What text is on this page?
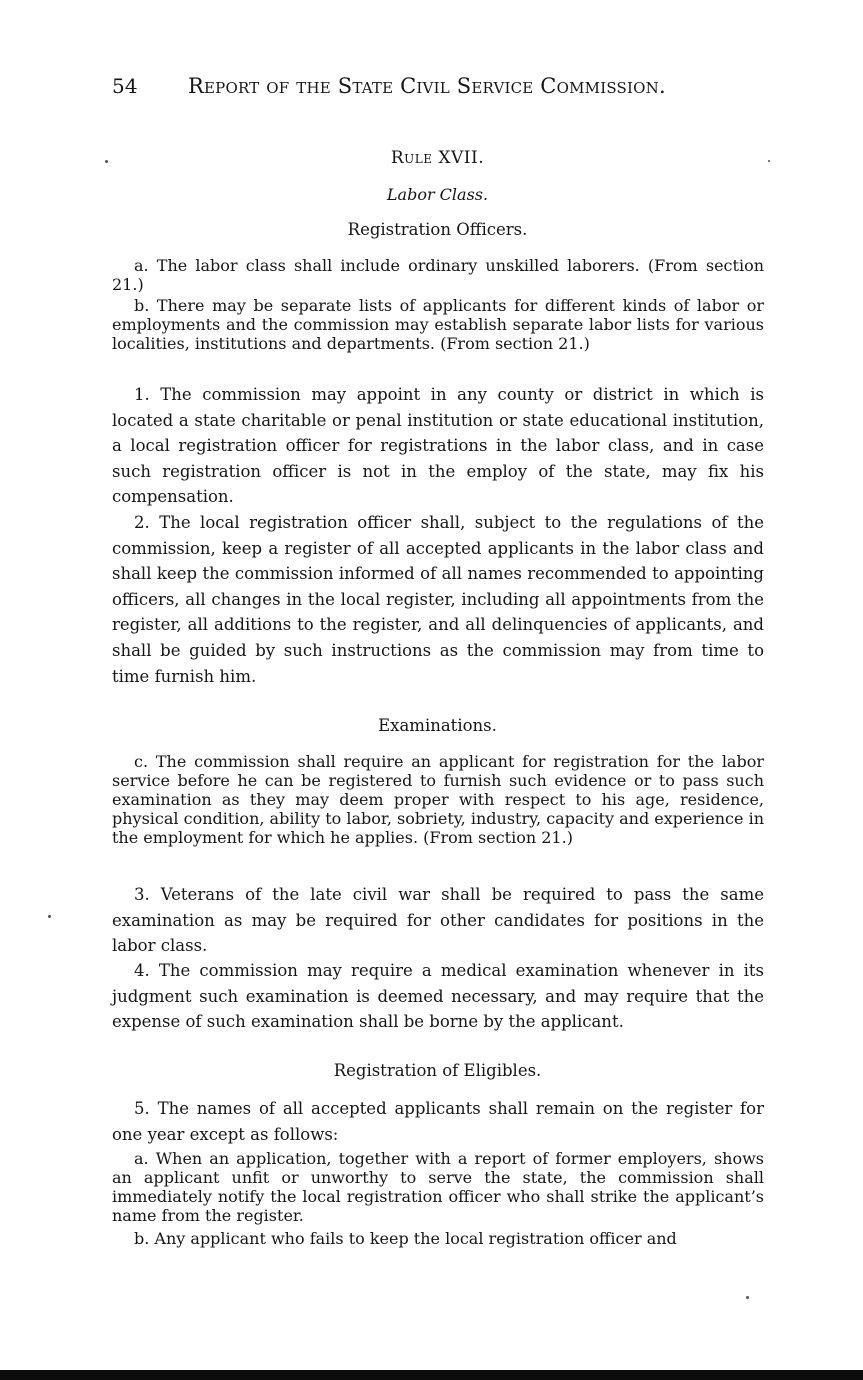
54 Report of the State Civil Service Commission.
Rule XVII.
Labor Class.
Registration Officers.

a. The labor class shall include ordinary unskilled laborers. (From section 21.)

b. There may be separate lists of applicants for different kinds of labor or employments and the commission may establish separate labor lists for various localities, institutions and departments. (From section 21.)

1. The commission may appoint in any county or district in which is located a state charitable or penal institution or state educational institution, a local registration officer for registrations in the labor class, and in case such registration officer is not in the employ of the state, may fix his compensation.

2. The local registration officer shall, subject to the regulations of the commission, keep a register of all accepted applicants in the labor class and shall keep the commission informed of all names recommended to appointing officers, all changes in the local register, including all appointments from the register, all additions to the register, and all delinquencies of applicants, and shall be guided by such instructions as the commission may from time to time furnish him.

Examinations.

c. The commission shall require an applicant for registration for the labor service before he can be registered to furnish such evidence or to pass such examination as they may deem proper with respect to his age, residence, physical condition, ability to labor, sobriety, industry, capacity and experience in the employment for which he applies. (From section 21.)

3. Veterans of the late civil war shall be required to pass the same examination as may be required for other candidates for positions in the labor class.

4. The commission may require a medical examination whenever in its judgment such examination is deemed necessary, and may require that the expense of such examination shall be borne by the applicant.

Registration of Eligibles.

5. The names of all accepted applicants shall remain on the register for one year except as follows:

a. When an application, together with a report of former employers, shows an applicant unfit or unworthy to serve the state, the commission shall immediately notify the local registration officer who shall strike the applicant’s name from the register.

b. Any applicant who fails to keep the local registration officer and
